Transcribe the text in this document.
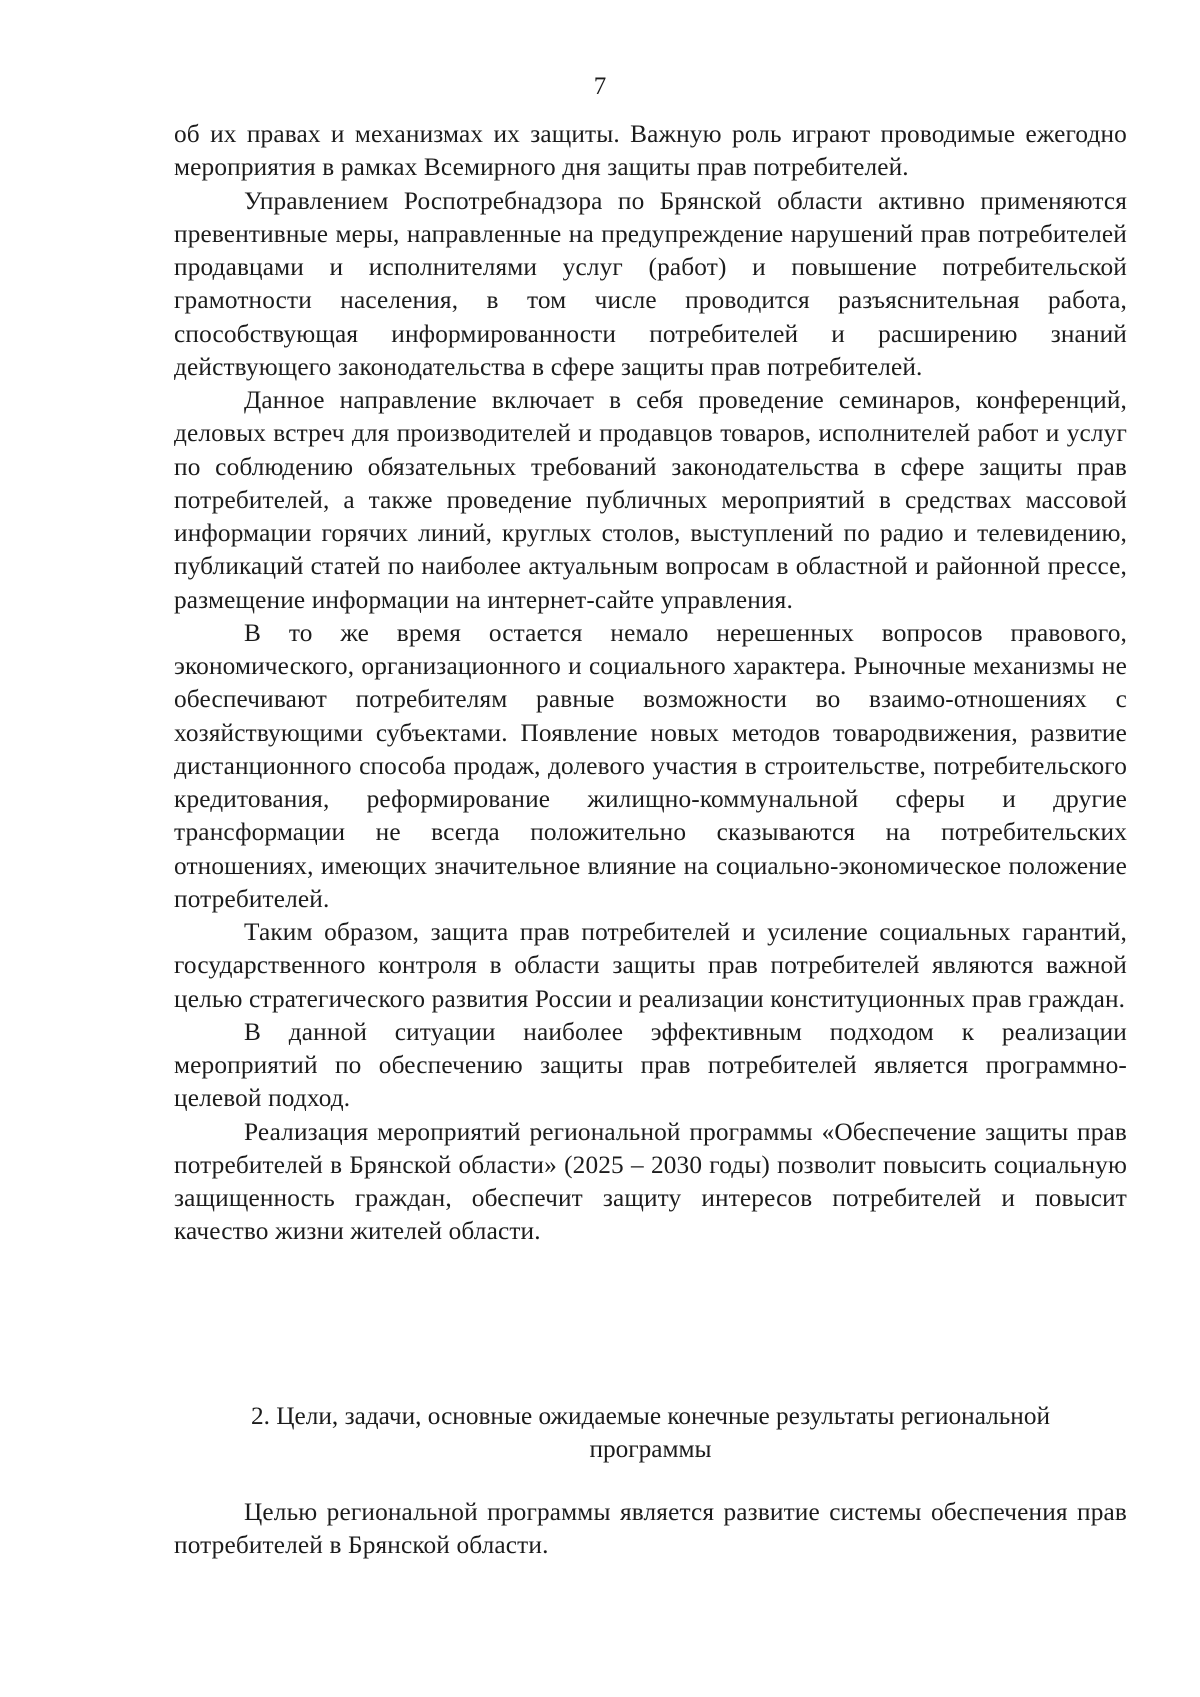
7

об их правах и механизмах их защиты. Важную роль играют проводимые ежегодно мероприятия в рамках Всемирного дня защиты прав потребителей.

Управлением Роспотребнадзора по Брянской области активно применяются превентивные меры, направленные на предупреждение нарушений прав потребителей продавцами и исполнителями услуг (работ) и повышение потребительской грамотности населения, в том числе проводится разъяснительная работа, способствующая информированности потребителей и расширению знаний действующего законодательства в сфере защиты прав потребителей.

Данное направление включает в себя проведение семинаров, конференций, деловых встреч для производителей и продавцов товаров, исполнителей работ и услуг по соблюдению обязательных требований законодательства в сфере защиты прав потребителей, а также проведение публичных мероприятий в средствах массовой информации горячих линий, круглых столов, выступлений по радио и телевидению, публикаций статей по наиболее актуальным вопросам в областной и районной прессе, размещение информации на интернет-сайте управления.

В то же время остается немало нерешенных вопросов правового, экономического, организационного и социального характера. Рыночные механизмы не обеспечивают потребителям равные возможности во взаимо-отношениях с хозяйствующими субъектами. Появление новых методов товародвижения, развитие дистанционного способа продаж, долевого участия в строительстве, потребительского кредитования, реформирование жилищно-коммунальной сферы и другие трансформации не всегда положительно сказываются на потребительских отношениях, имеющих значительное влияние на социально-экономическое положение потребителей.

Таким образом, защита прав потребителей и усиление социальных гарантий, государственного контроля в области защиты прав потребителей являются важной целью стратегического развития России и реализации конституционных прав граждан.

В данной ситуации наиболее эффективным подходом к реализации мероприятий по обеспечению защиты прав потребителей является программно-целевой подход.

Реализация мероприятий региональной программы «Обеспечение защиты прав потребителей в Брянской области» (2025 – 2030 годы) позволит повысить социальную защищенность граждан, обеспечит защиту интересов потребителей и повысит качество жизни жителей области.

2. Цели, задачи, основные ожидаемые конечные результаты региональной
программы

Целью региональной программы является развитие системы обеспечения прав потребителей в Брянской области.
